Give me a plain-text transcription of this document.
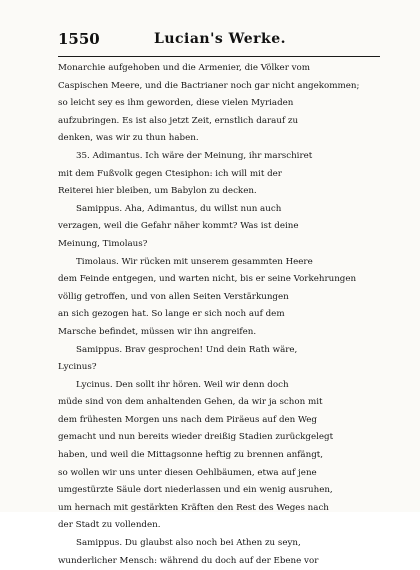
1550	Lucian's Werke.
Monarchie aufgehoben und die Armenier, die Völker vom
Caspischen Meere, und die Bactrianer noch gar nicht angekommen;
so leicht sey es ihm geworden, diese vielen Myriaden
aufzubringen. Es ist also jetzt Zeit, ernstlich darauf zu
denken, was wir zu thun haben.
35. Adimantus. Ich wäre der Meinung, ihr marschiret
mit dem Fußvolk gegen Ctesiphon: ich will mit der
Reiterei hier bleiben, um Babylon zu decken.
Samippus. Aha, Adimantus, du willst nun auch
verzagen, weil die Gefahr näher kommt? Was ist deine
Meinung, Timolaus?
Timolaus. Wir rücken mit unserem gesammten Heere
dem Feinde entgegen, und warten nicht, bis er seine Vorkehrungen
völlig getroffen, und von allen Seiten Verstärkungen
an sich gezogen hat. So lange er sich noch auf dem
Marsche befindet, müssen wir ihn angreifen.
Samippus. Brav gesprochen! Und dein Rath wäre,
Lycinus?
Lycinus. Den sollt ihr hören. Weil wir denn doch
müde sind von dem anhaltenden Gehen, da wir ja schon mit
dem frühesten Morgen uns nach dem Piräeus auf den Weg
gemacht und nun bereits wieder dreißig Stadien zurückgelegt
haben, und weil die Mittagsonne heftig zu brennen anfängt,
so wollen wir uns unter diesen Oehlbäumen, etwa auf jene
umgestürzte Säule dort niederlassen und ein wenig ausruhen,
um hernach mit gestärkten Kräften den Rest des Weges nach
der Stadt zu vollenden.
Samippus. Du glaubst also noch bei Athen zu seyn,
wunderlicher Mensch: während du doch auf der Ebene vor
